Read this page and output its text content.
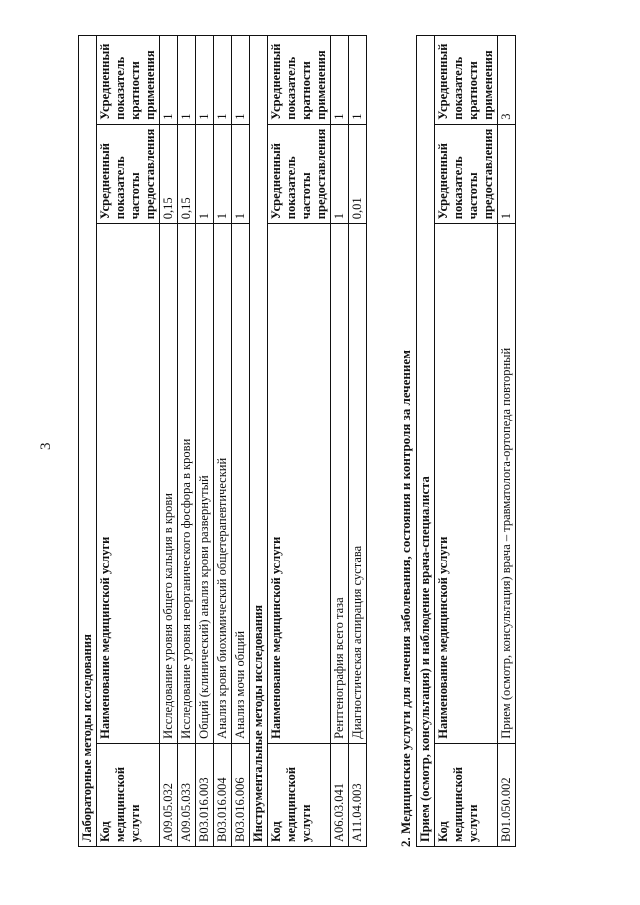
3
Лабораторные методы исследования			
Код медицинской услуги	Наименование медицинской услуги	Усредненный показатель частоты предоставления	Усредненный показатель кратности применения
A09.05.032	Исследование уровня общего кальция в крови	0,15	1
A09.05.033	Исследование уровня неорганического фосфора в крови	0,15	1
B03.016.003	Общий (клинический) анализ крови развернутый	1	1
B03.016.004	Анализ крови биохимический общетерапевтический	1	1
B03.016.006	Анализ мочи общий	1	1
Инструментальные методы исследования			
Код медицинской услуги	Наименование медицинской услуги	Усредненный показатель частоты предоставления	Усредненный показатель кратности применения
A06.03.041	Рентгенография всего таза	1	1
A11.04.003	Диагностическая аспирация сустава	0,01	1
2. Медицинские услуги для лечения заболевания, состояния и контроля за лечением Прием (осмотр, консультация) и наблюдение врача-специалиста			
Код медицинской услуги	Наименование медицинской услуги	Усредненный показатель частоты предоставления	Усредненный показатель кратности применения
B01.050.002	Прием (осмотр, консультация) врача – травматолога-ортопеда повторный	1	3
